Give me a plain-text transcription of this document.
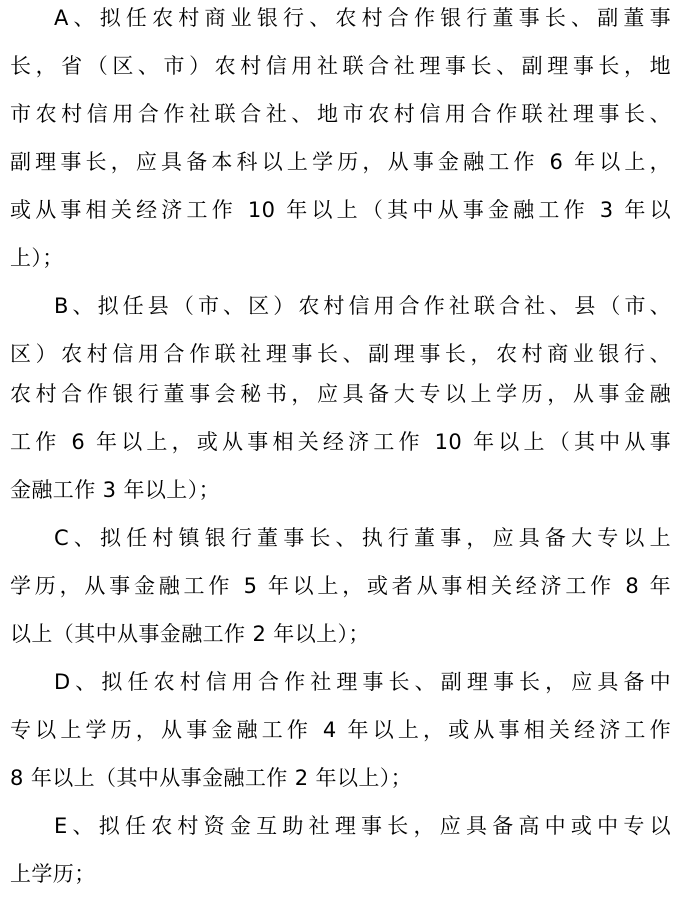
A、拟任农村商业银行、农村合作银行董事长、副董事
长，省（区、市）农村信用社联合社理事长、副理事长，地
市农村信用合作社联合社、地市农村信用合作联社理事长、
副理事长，应具备本科以上学历，从事金融工作 6 年以上，
或从事相关经济工作 10 年以上（其中从事金融工作 3 年以
上）；
B、拟任县（市、区）农村信用合作社联合社、县（市、
区）农村信用合作联社理事长、副理事长，农村商业银行、
农村合作银行董事会秘书，应具备大专以上学历，从事金融
工作 6 年以上，或从事相关经济工作 10 年以上（其中从事
金融工作 3 年以上）；
C、拟任村镇银行董事长、执行董事，应具备大专以上
学历，从事金融工作 5 年以上，或者从事相关经济工作 8 年
以上（其中从事金融工作 2 年以上）；
D、拟任农村信用合作社理事长、副理事长，应具备中
专以上学历，从事金融工作 4 年以上，或从事相关经济工作
8 年以上（其中从事金融工作 2 年以上）；
E、拟任农村资金互助社理事长，应具备高中或中专以
上学历；
